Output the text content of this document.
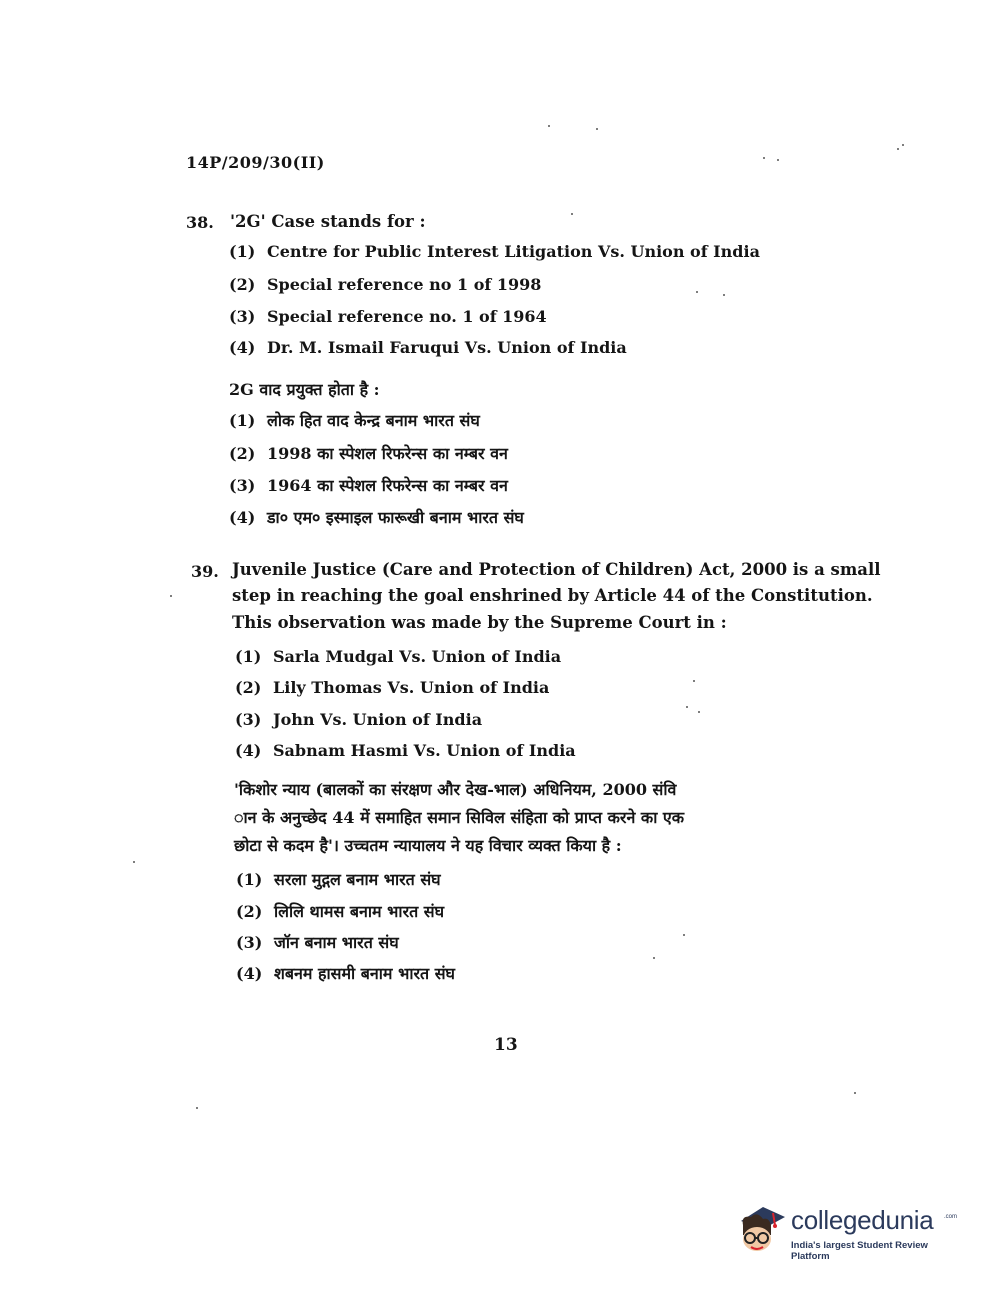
14P/209/30(II)
38. '2G' Case stands for :
(1) Centre for Public Interest Litigation Vs. Union of India
(2) Special reference no 1 of 1998
(3) Special reference no. 1 of 1964
(4) Dr. M. Ismail Faruqui Vs. Union of India
2G वाद प्रयुक्त होता है :
(1) लोक हित वाद केन्द्र बनाम भारत संघ
(2) 1998 का स्पेशल रिफरेन्स का नम्बर वन
(3) 1964 का स्पेशल रिफरेन्स का नम्बर वन
(4) डा० एम० इस्माइल फारूखी बनाम भारत संघ
39. Juvenile Justice (Care and Protection of Children) Act, 2000 is a small
step in reaching the goal enshrined by Article 44 of the Constitution.
This observation was made by the Supreme Court in :
(1) Sarla Mudgal Vs. Union of India
(2) Lily Thomas Vs. Union of India
(3) John Vs. Union of India
(4) Sabnam Hasmi Vs. Union of India
'किशोर न्याय (बालकों का संरक्षण और देख-भाल) अधिनियम, 2000 संवि
ान के अनुच्छेद 44 में समाहित समान सिविल संहिता को प्राप्त करने का एक
छोटा से कदम है'। उच्चतम न्यायालय ने यह विचार व्यक्त किया है :
(1) सरला मुद्गल बनाम भारत संघ
(2) लिलि थामस बनाम भारत संघ
(3) जॉन बनाम भारत संघ
(4) शबनम हासमी बनाम भारत संघ
13
collegedunia .com
India's largest Student Review Platform
